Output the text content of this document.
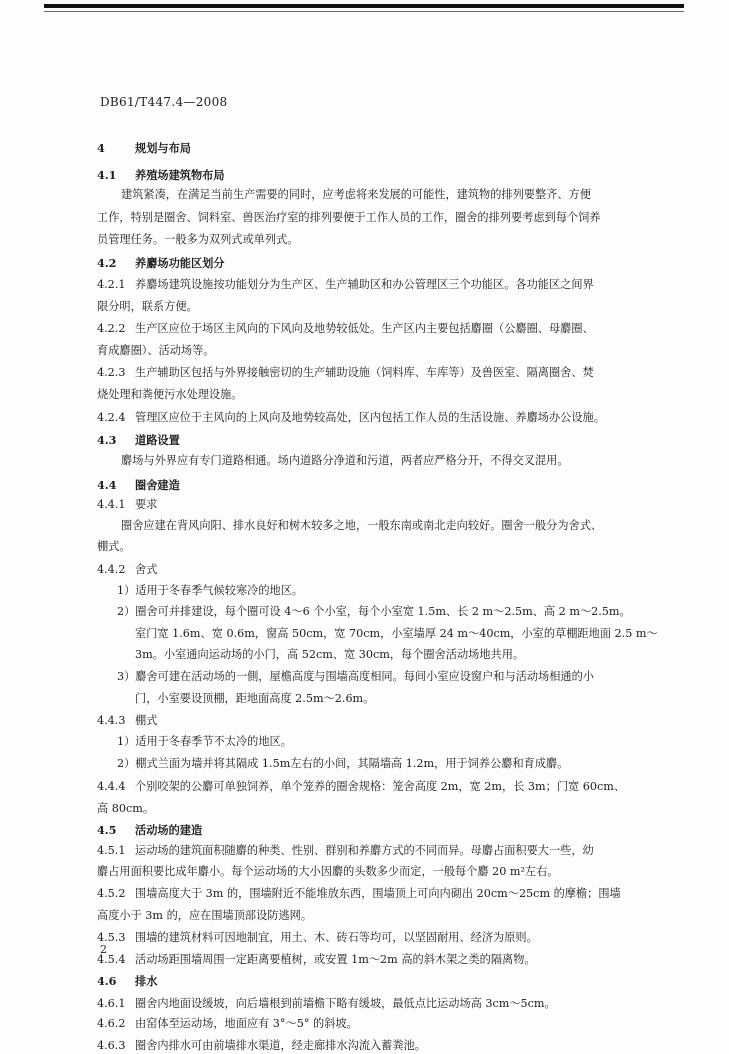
DB61/T447.4—2008
4	规划与布局
4.1 养殖场建筑物布局
建筑紧凑，在满足当前生产需要的同时，应考虑将来发展的可能性，建筑物的排列要整齐、方便
工作，特别是圈舍、饲料室、兽医治疗室的排列要便于工作人员的工作，圈舍的排列要考虑到每个饲养
员管理任务。一般多为双列式或单列式。
4.2 养麝场功能区划分
4.2.1 养麝场建筑设施按功能划分为生产区、生产辅助区和办公管理区三个功能区。各功能区之间界
限分明，联系方便。
4.2.2 生产区应位于场区主风向的下风向及地势较低处。生产区内主要包括麝圈（公麝圈、母麝圈、
育成麝圈）、活动场等。
4.2.3 生产辅助区包括与外界接触密切的生产辅助设施（饲料库、车库等）及兽医室、隔离圈舍、焚
烧处理和粪便污水处理设施。
4.2.4 管理区应位于主风向的上风向及地势较高处，区内包括工作人员的生活设施、养麝场办公设施。
4.3 道路设置
麝场与外界应有专门道路相通。场内道路分净道和污道，两者应严格分开，不得交叉混用。
4.4 圈舍建造
4.4.1 要求
圈舍应建在背风向阳、排水良好和树木较多之地，一般东南或南北走向较好。圈舍一般分为舍式、
棚式。
4.4.2 舍式
1）适用于冬春季气候较寒冷的地区。
2）圈舍可并排建设，每个圈可设 4～6 个小室，每个小室宽 1.5m、长 2 m～2.5m、高 2 m～2.5m。
室门宽 1.6m、宽 0.6m，窗高 50cm，宽 70cm，小室墙厚 24 m～40cm，小室的草棚距地面 2.5 m～
3m。小室通向运动场的小门，高 52cm、宽 30cm，每个圈舍活动场地共用。
3）麝舍可建在活动场的一側，屋檐高度与围墙高度相同。每间小室应设窗户和与活动场相通的小
门，小室要设顶棚，距地面高度 2.5m～2.6m。
4.4.3 棚式
1）适用于冬春季节不太冷的地区。
2）棚式兰面为墙并将其隔成 1.5m左右的小间，其隔墙高 1.2m，用于饲养公麝和育成麝。
4.4.4 个别咬架的公麝可单独饲养，单个笼养的圈舍规格：笼舍高度 2m，宽 2m，长 3m；门宽 60cm、
高 80cm。
4.5 活动场的建造
4.5.1 运动场的建筑面积随麝的种类、性别、群别和养麝方式的不同而异。母麝占面积要大一些，幼
麝占用面积要比成年麝小。每个运动场的大小因麝的头数多少而定，一般每个麝 20 m²左右。
4.5.2 围墙高度大于 3m 的，围墙附近不能堆放东西，围墙顶上可向内砌出 20cm～25cm 的摩檐；围墙
高度小于 3m 的，应在围墙顶部设防逃网。
4.5.3 围墙的建筑材料可因地制宜，用土、木、砖石等均可，以坚固耐用、经济为原则。
4.5.4 活动场距围墙周围一定距离要植树，或安置 1m～2m 高的斜木架之类的隔离物。
4.6 排水
4.6.1 圈舍内地面设缓坡，向后墙根到前墙檐下略有缓坡，最低点比运动场高 3cm～5cm。
4.6.2 由窑体至运动场，地面应有 3°～5° 的斜坡。
4.6.3 圈舍内排水可由前墙排水渠道，经走廊排水沟流入蓄粪池。
2
